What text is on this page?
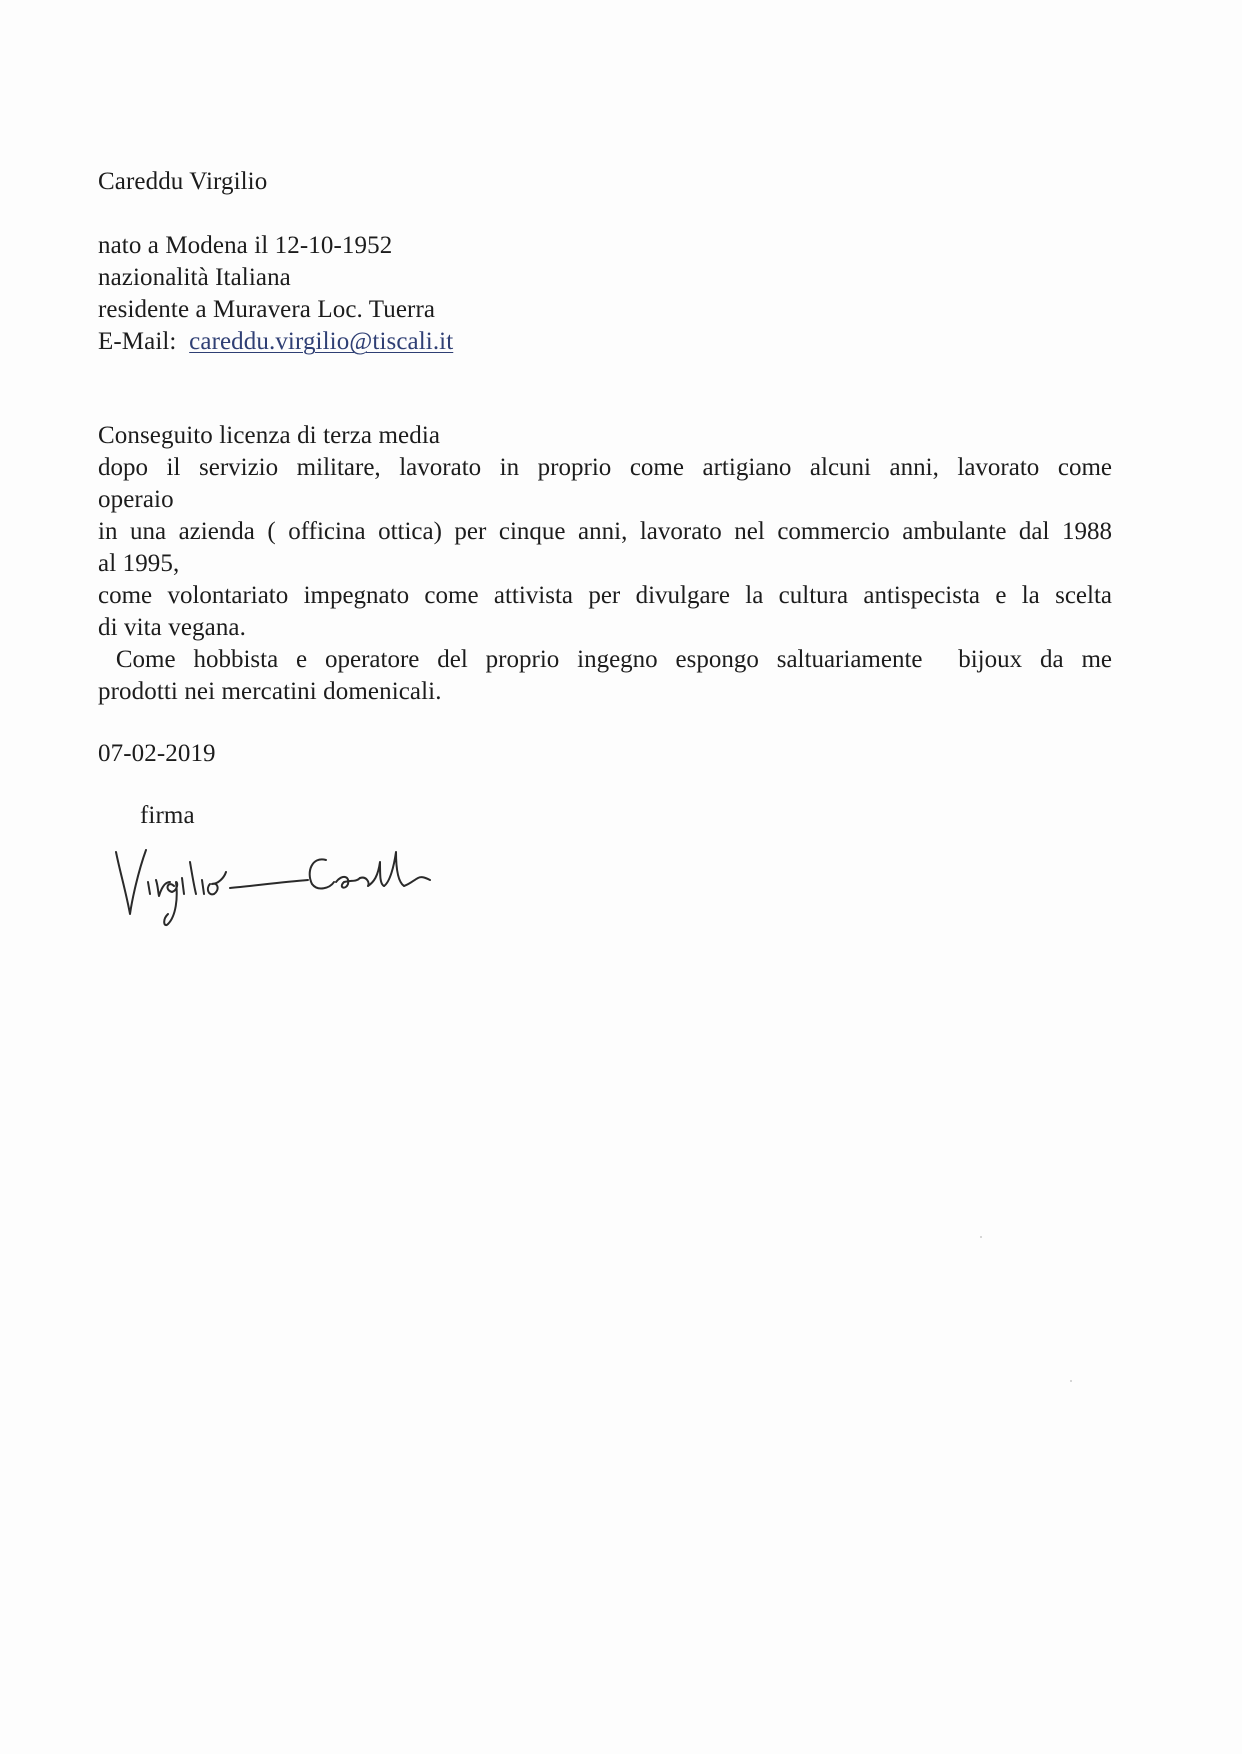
Careddu Virgilio
nato a Modena il 12-10-1952
nazionalità Italiana
residente a Muravera Loc. Tuerra
E-Mail: careddu.virgilio@tiscali.it
Conseguito licenza di terza media
dopo il servizio militare, lavorato in proprio come artigiano alcuni anni, lavorato come
operaio
in una azienda ( officina ottica) per cinque anni, lavorato nel commercio ambulante dal 1988
al 1995,
come volontariato impegnato come attivista per divulgare la cultura antispecista e la scelta
di vita vegana.
Come hobbista e operatore del proprio ingegno espongo saltuariamente  bijoux da me
prodotti nei mercatini domenicali.
07-02-2019
firma
